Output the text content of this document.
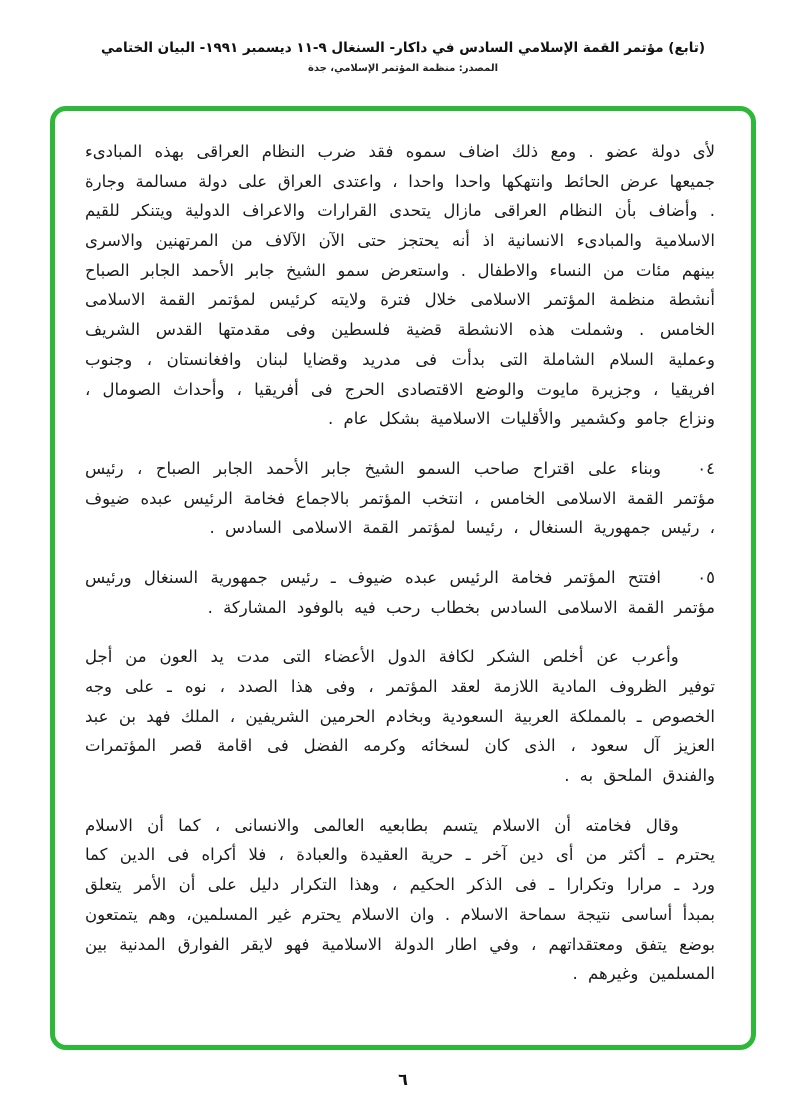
(تابع) مؤتمر القمة الإسلامي السادس في داكار- السنغال ٩-١١ ديسمبر ١٩٩١- البيان الختامي
المصدر: منظمة المؤتمر الإسلامي، جدة
لأى دولة عضو . ومع ذلك اضاف سموه فقد ضرب النظام العراقى بهذه المبادىء جميعها عرض الحائط وانتهكها واحدا واحدا ، واعتدى العراق على دولة مسالمة وجارة . وأضاف بأن النظام العراقى مازال يتحدى القرارات والاعراف الدولية ويتنكر للقيم الاسلامية والمبادىء الانسانية اذ أنه يحتجز حتى الآن الآلاف من المرتهنين والاسرى بينهم مئات من النساء والاطفال . واستعرض سمو الشيخ جابر الأحمد الجابر الصباح أنشطة منظمة المؤتمر الاسلامى خلال فترة ولايته كرئيس لمؤتمر القمة الاسلامى الخامس . وشملت هذه الانشطة قضية فلسطين وفى مقدمتها القدس الشريف وعملية السلام الشاملة التى بدأت فى مدريد وقضايا لبنان وافغانستان ، وجنوب افريقيا ، وجزيرة مايوت والوضع الاقتصادى الحرج فى أفريقيا ، وأحداث الصومال ، ونزاع جامو وكشمير والأقليات الاسلامية بشكل عام .
٠٤وبناء على اقتراح صاحب السمو الشيخ جابر الأحمد الجابر الصباح ، رئيس مؤتمر القمة الاسلامى الخامس ، انتخب المؤتمر بالاجماع فخامة الرئيس عبده ضيوف ، رئيس جمهورية السنغال ، رئيسا لمؤتمر القمة الاسلامى السادس .
٠٥افتتح المؤتمر فخامة الرئيس عبده ضيوف ـ رئيس جمهورية السنغال ورئيس مؤتمر القمة الاسلامى السادس بخطاب رحب فيه بالوفود المشاركة .
وأعرب عن أخلص الشكر لكافة الدول الأعضاء التى مدت يد العون من أجل توفير الظروف المادية اللازمة لعقد المؤتمر ، وفى هذا الصدد ، نوه ـ على وجه الخصوص ـ بالمملكة العربية السعودية وبخادم الحرمين الشريفين ، الملك فهد بن عبد العزيز آل سعود ، الذى كان لسخائه وكرمه الفضل فى اقامة قصر المؤتمرات والفندق الملحق به .
وقال فخامته أن الاسلام يتسم بطابعيه العالمى والانسانى ، كما أن الاسلام يحترم ـ أكثر من أى دين آخر ـ حرية العقيدة والعبادة ، فلا أكراه فى الدين كما ورد ـ مرارا وتكرارا ـ فى الذكر الحكيم ، وهذا التكرار دليل على أن الأمر يتعلق بمبدأ أساسى نتيجة سماحة الاسلام . وان الاسلام يحترم غير المسلمين، وهم يتمتعون بوضع يتفق ومعتقداتهم ، وفي اطار الدولة الاسلامية فهو لايقر الفوارق المدنية بين المسلمين وغيرهم .
٦
